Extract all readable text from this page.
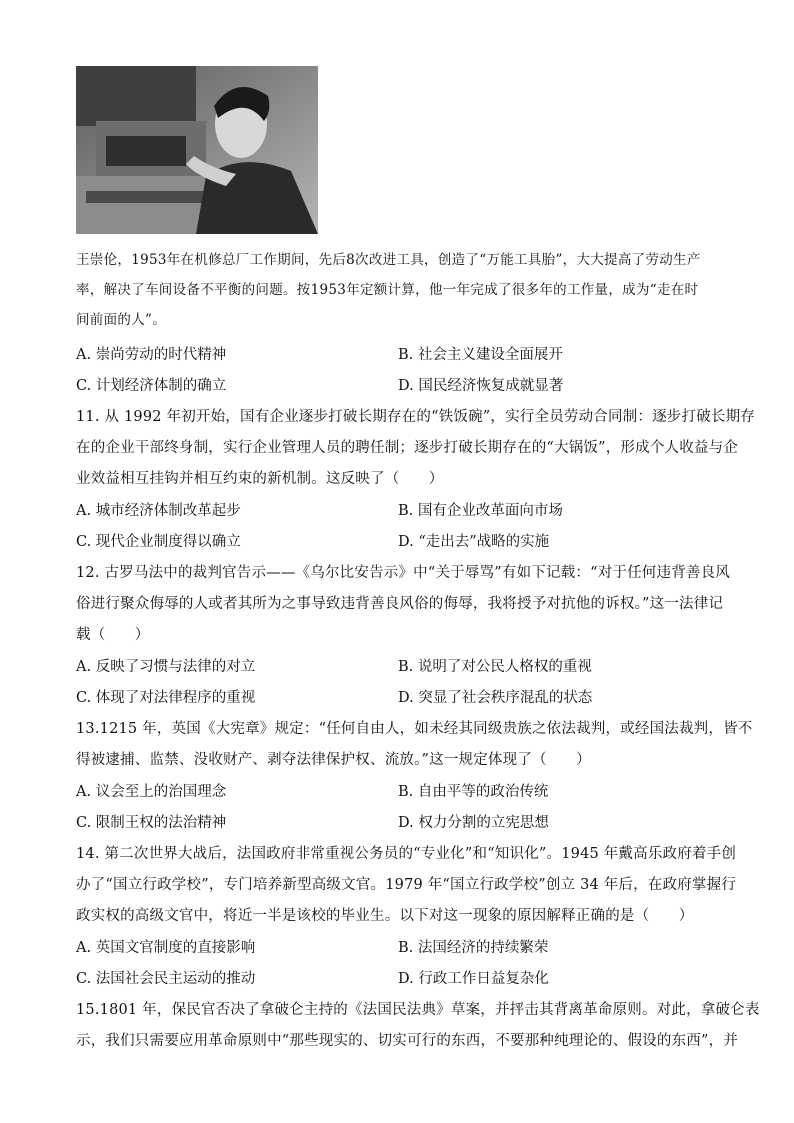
王崇伦，1953年在机修总厂工作期间，先后8次改进工具，创造了“万能工具胎”，大大提高了劳动生产
率，解决了车间设备不平衡的问题。按1953年定额计算，他一年完成了很多年的工作量，成为“走在时
间前面的人”。
A. 崇尚劳动的时代精神	B. 社会主义建设全面展开
C. 计划经济体制的确立	D. 国民经济恢复成就显著
11. 从 1992 年初开始，国有企业逐步打破长期存在的“铁饭碗”，实行全员劳动合同制：逐步打破长期存
在的企业干部终身制，实行企业管理人员的聘任制；逐步打破长期存在的“大锅饭”，形成个人收益与企
业效益相互挂钩并相互约束的新机制。这反映了（　　）
A. 城市经济体制改革起步	B. 国有企业改革面向市场
C. 现代企业制度得以确立	D. “走出去”战略的实施
12. 古罗马法中的裁判官告示——《乌尔比安告示》中“关于辱骂”有如下记载：“对于任何违背善良风
俗进行聚众侮辱的人或者其所为之事导致违背善良风俗的侮辱，我将授予对抗他的诉权。”这一法律记
载（　　）
A. 反映了习惯与法律的对立	B. 说明了对公民人格权的重视
C. 体现了对法律程序的重视	D. 突显了社会秩序混乱的状态
13.1215 年，英国《大宪章》规定：“任何自由人，如未经其同级贵族之依法裁判，或经国法裁判，皆不
得被逮捕、监禁、没收财产、剥夺法律保护权、流放。”这一规定体现了（　　）
A. 议会至上的治国理念	B. 自由平等的政治传统
C. 限制王权的法治精神	D. 权力分割的立宪思想
14. 第二次世界大战后，法国政府非常重视公务员的“专业化”和“知识化”。1945 年戴高乐政府着手创
办了“国立行政学校”，专门培养新型高级文官。1979 年“国立行政学校”创立 34 年后，在政府掌握行
政实权的高级文官中，将近一半是该校的毕业生。以下对这一现象的原因解释正确的是（　　）
A. 英国文官制度的直接影响	B. 法国经济的持续繁荣
C. 法国社会民主运动的推动	D. 行政工作日益复杂化
15.1801 年，保民官否决了拿破仑主持的《法国民法典》草案，并抨击其背离革命原则。对此，拿破仑表
示，我们只需要应用革命原则中“那些现实的、切实可行的东西，不要那种纯理论的、假设的东西”，并
